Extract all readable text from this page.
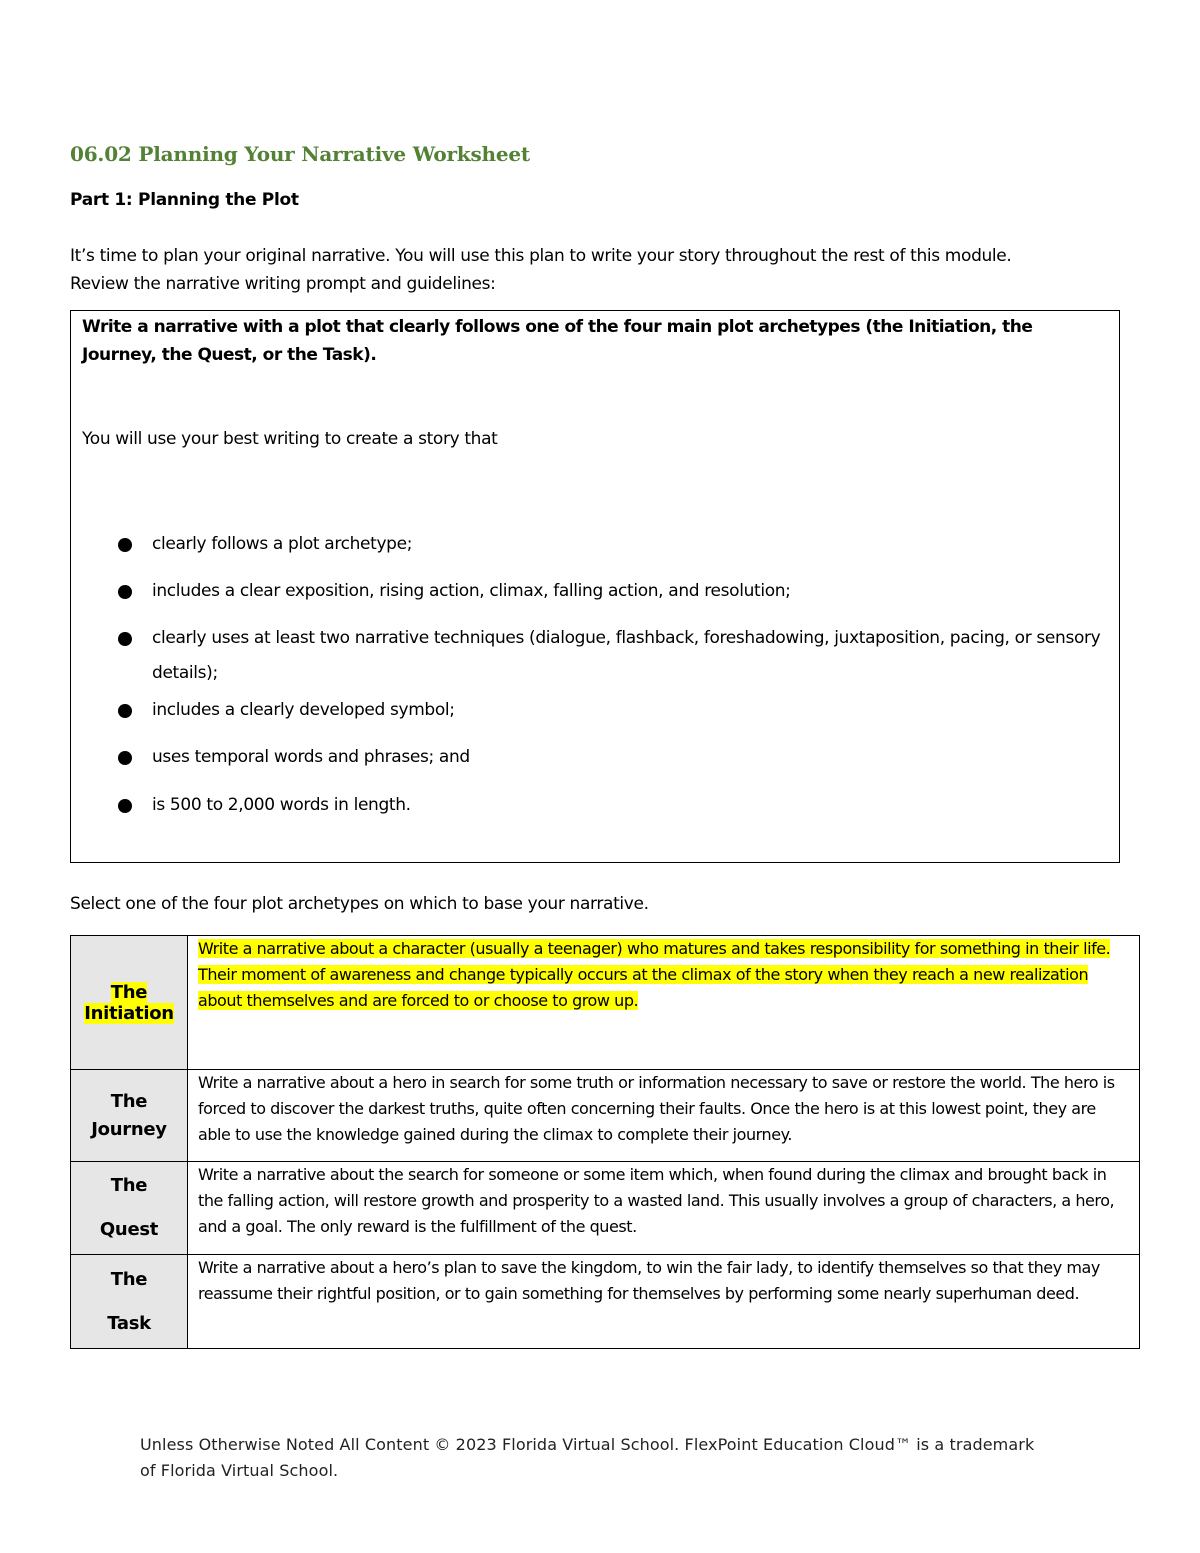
06.02 Planning Your Narrative Worksheet
Part 1: Planning the Plot
It’s time to plan your original narrative. You will use this plan to write your story throughout the rest of this module. Review the narrative writing prompt and guidelines:
Write a narrative with a plot that clearly follows one of the four main plot archetypes (the Initiation, the Journey, the Quest, or the Task).
You will use your best writing to create a story that
clearly follows a plot archetype;
includes a clear exposition, rising action, climax, falling action, and resolution;
clearly uses at least two narrative techniques (dialogue, flashback, foreshadowing, juxtaposition, pacing, or sensory details);
includes a clearly developed symbol;
uses temporal words and phrases; and
is 500 to 2,000 words in length.
Select one of the four plot archetypes on which to base your narrative.
The
Initiation	Write a narrative about a character (usually a teenager) who matures and takes responsibility for something in their life. Their moment of awareness and change typically occurs at the climax of the story when they reach a new realization about themselves and are forced to or choose to grow up.
The
Journey	Write a narrative about a hero in search for some truth or information necessary to save or restore the world. The hero is forced to discover the darkest truths, quite often concerning their faults. Once the hero is at this lowest point, they are able to use the knowledge gained during the climax to complete their journey.
The
Quest	Write a narrative about the search for someone or some item which, when found during the climax and brought back in the falling action, will restore growth and prosperity to a wasted land. This usually involves a group of characters, a hero, and a goal. The only reward is the fulfillment of the quest.
The
Task	Write a narrative about a hero’s plan to save the kingdom, to win the fair lady, to identify themselves so that they may reassume their rightful position, or to gain something for themselves by performing some nearly superhuman deed.
Unless Otherwise Noted All Content © 2023 Florida Virtual School. FlexPoint Education Cloud™ is a trademark of Florida Virtual School.
